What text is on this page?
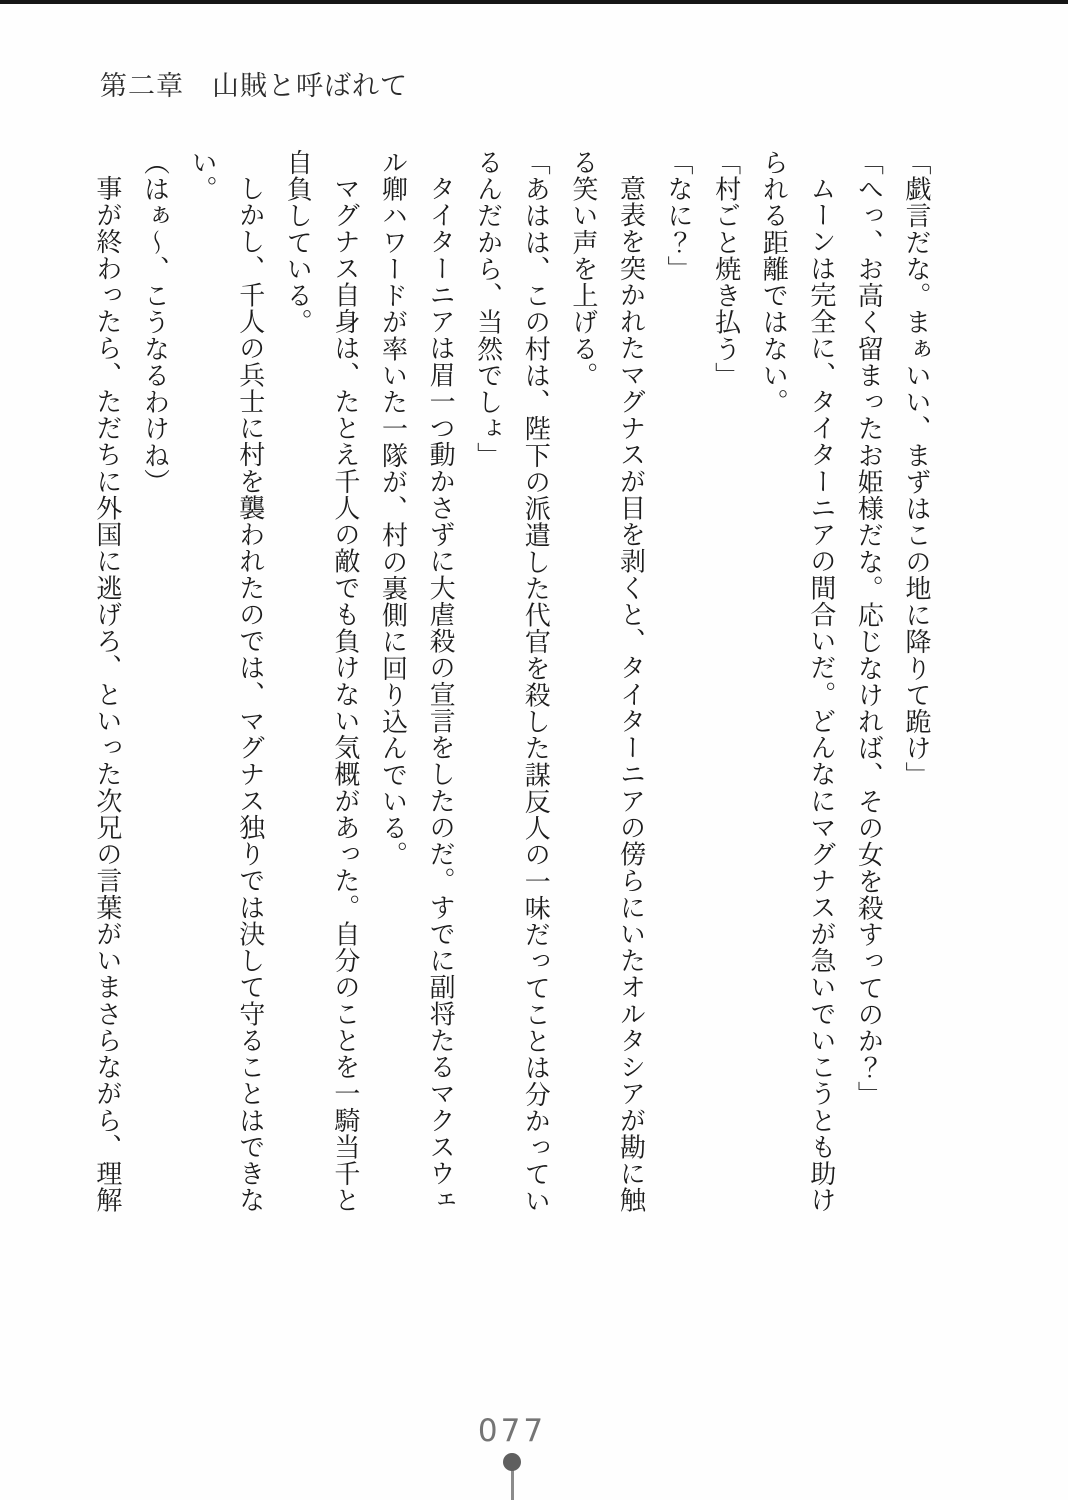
第二章　山賊と呼ばれて

「戯言だな。まぁいい、まずはこの地に降りて跪け」

「へっ、お高く留まったお姫様だな。応じなければ、その女を殺すってのか？」

ムーンは完全に、タイターニアの間合いだ。どんなにマグナスが急いでいこうとも助けられる距離ではない。

「村ごと焼き払う」

「なに？」

意表を突かれたマグナスが目を剥くと、タイターニアの傍らにいたオルタシアが勘に触る笑い声を上げる。

「あはは、この村は、陛下の派遣した代官を殺した謀反人の一味だってことは分かっているんだから、当然でしょ」

タイターニアは眉一つ動かさずに大虐殺の宣言をしたのだ。すでに副将たるマクスウェル卿ハワードが率いた一隊が、村の裏側に回り込んでいる。

マグナス自身は、たとえ千人の敵でも負けない気概があった。自分のことを一騎当千と自負している。

しかし、千人の兵士に村を襲われたのでは、マグナス独りでは決して守ることはできない。

（はぁ〜、こうなるわけね）

事が終わったら、ただちに外国に逃げろ、といった次兄の言葉がいまさらながら、理解

077
